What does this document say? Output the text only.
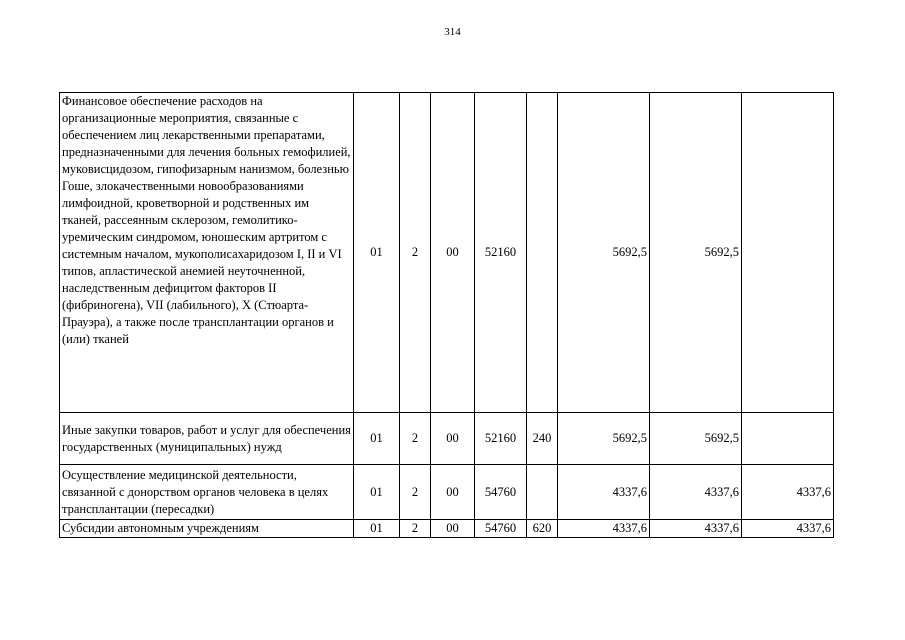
314
Финансовое обеспечение расходов на организационные мероприятия, связанные с обеспечением лиц лекарственными препаратами, предназначенными для лечения больных гемофилией, муковисцидозом, гипофизарным нанизмом, болезнью Гоше, злокачественными новообразованиями лимфоидной, кроветворной и родственных им тканей, рассеянным склерозом, гемолитико-уремическим синдромом, юношеским артритом с системным началом, мукополисахаридозом I, II и VI типов, апластической анемией неуточненной, наследственным дефицитом факторов II (фибриногена), VII (лабильного), X (Стюарта-Прауэра), а также после трансплантации органов и (или) тканей	01	2	00	52160		5692,5	5692,5	
Иные закупки товаров, работ и услуг для обеспечения государственных (муниципальных) нужд	01	2	00	52160	240	5692,5	5692,5	
Осуществление медицинской деятельности, связанной с донорством органов человека в целях трансплантации (пересадки)	01	2	00	54760		4337,6	4337,6	4337,6
Субсидии автономным учреждениям	01	2	00	54760	620	4337,6	4337,6	4337,6
